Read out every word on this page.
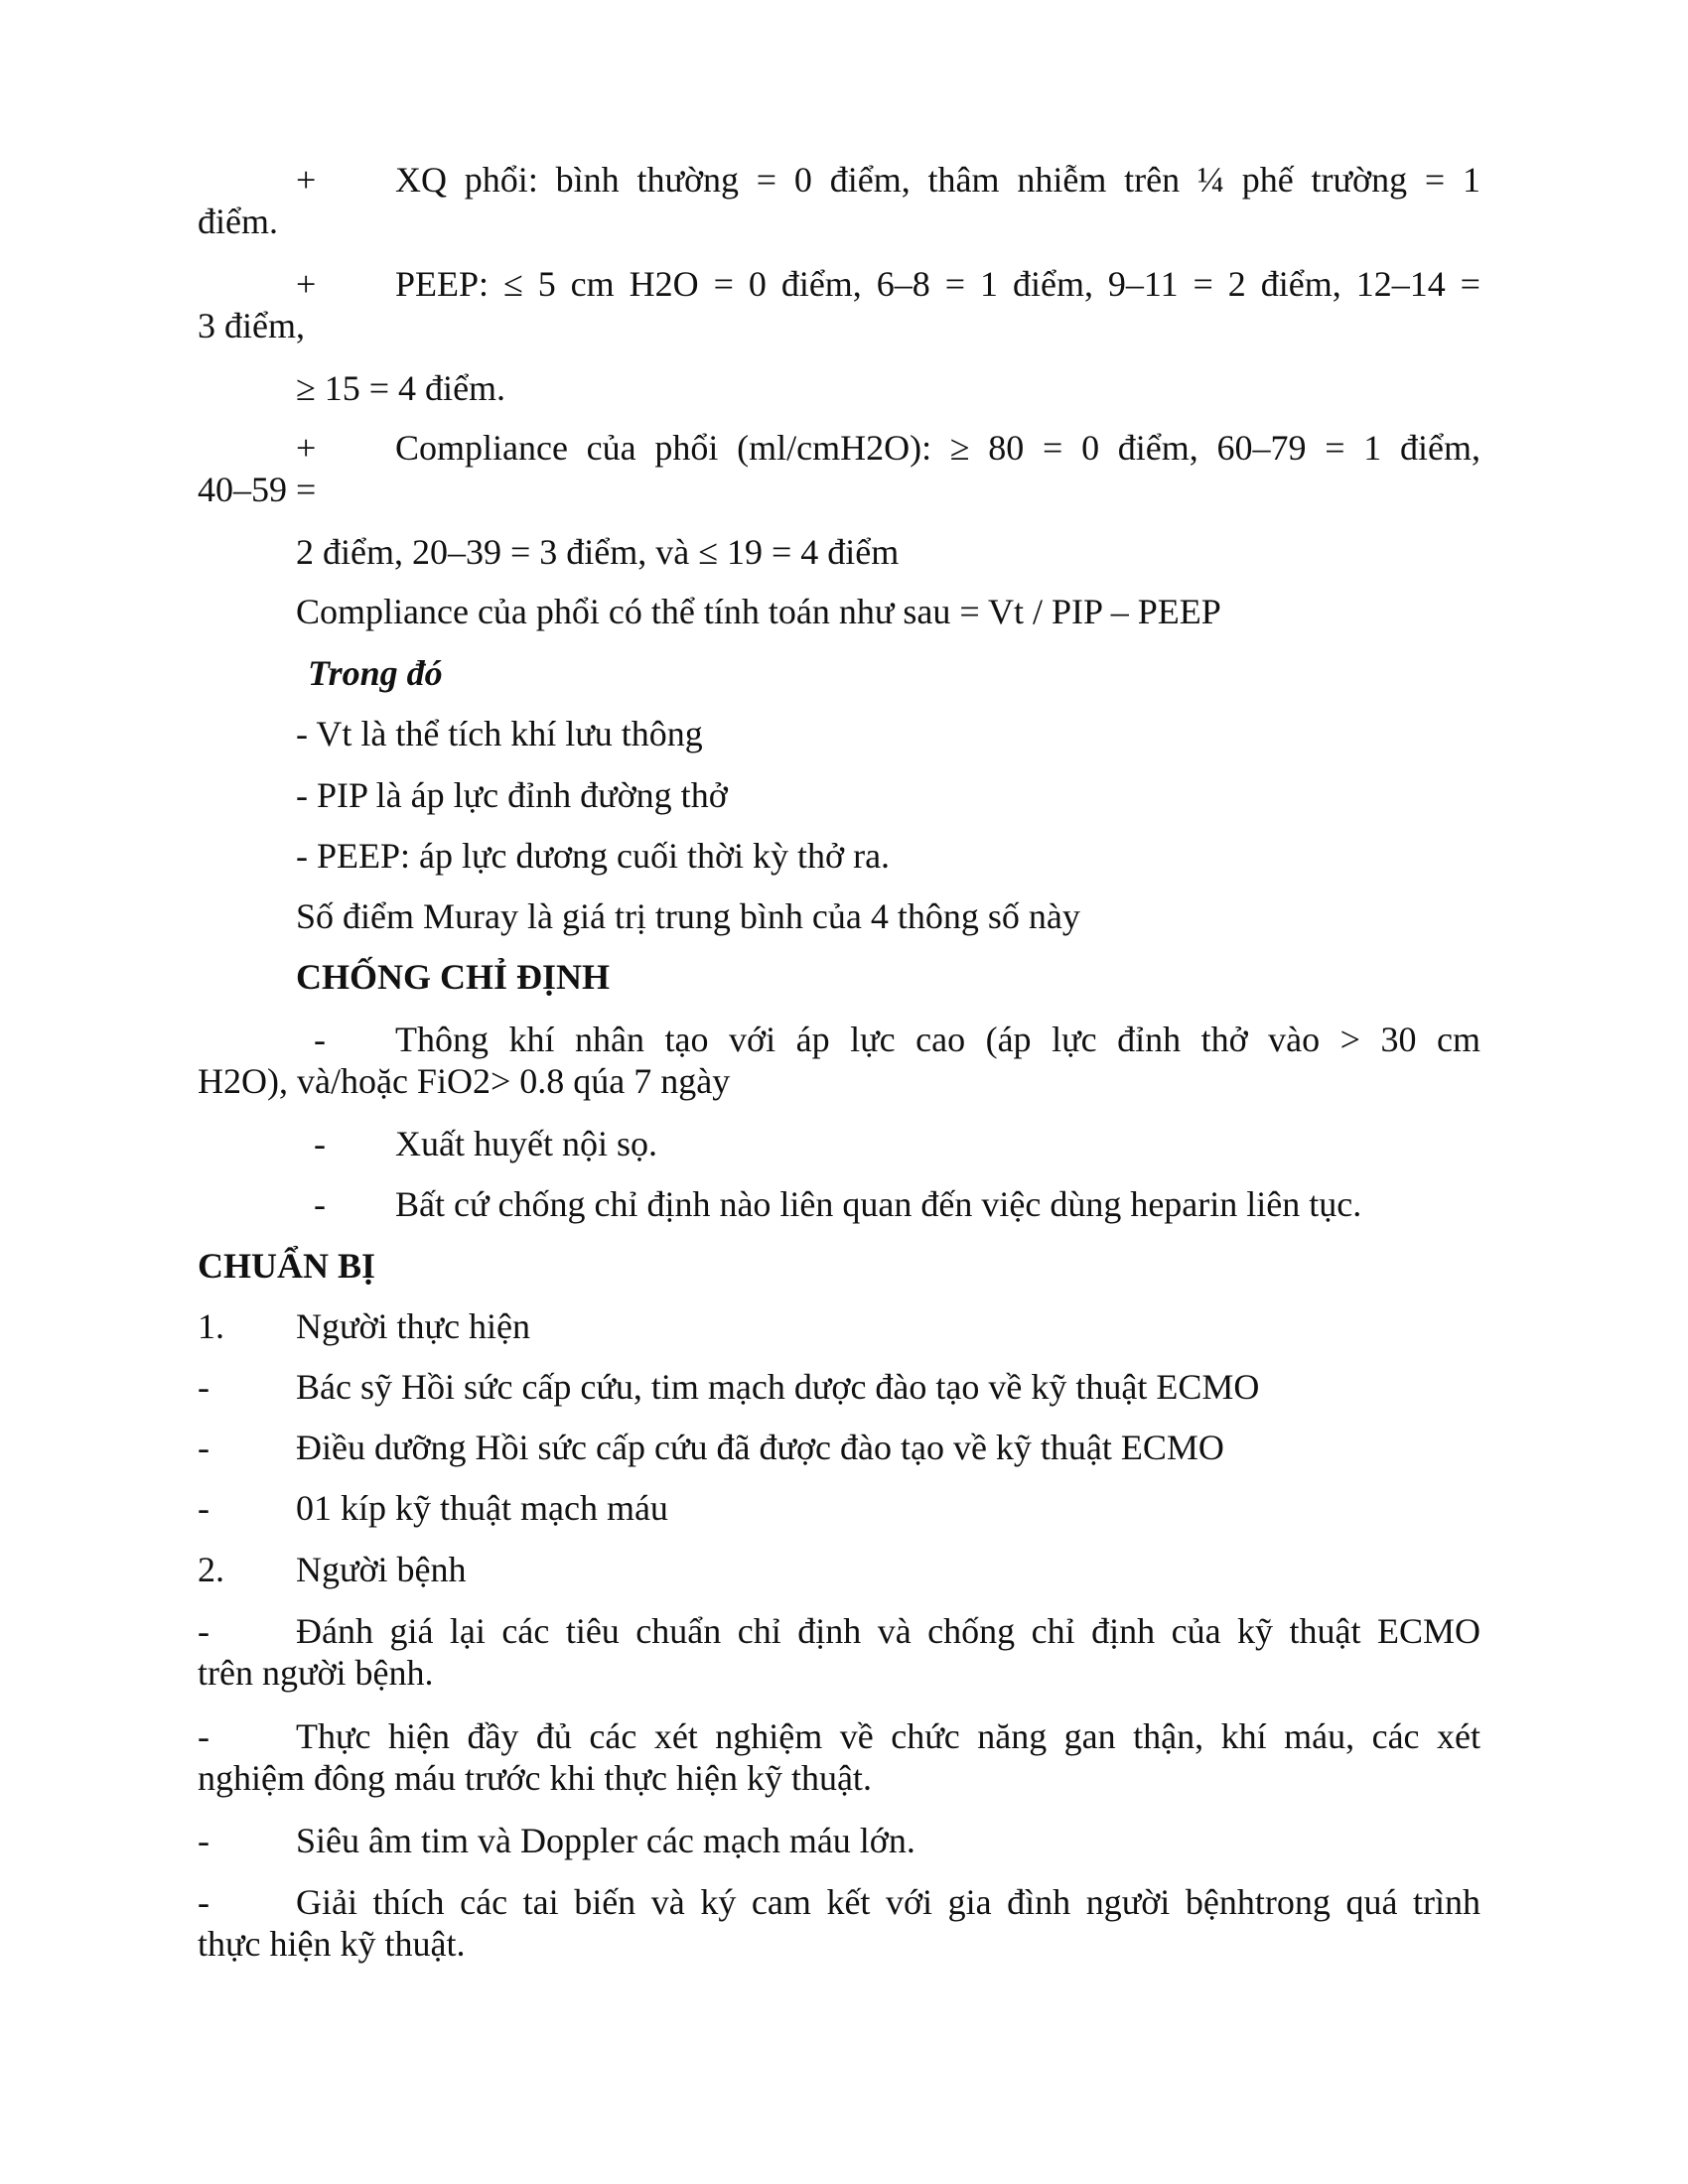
+ XQ phổi: bình thường = 0 điểm, thâm nhiễm trên ¼ phế trường = 1
điểm.
+ PEEP: ≤ 5 cm H2O = 0 điểm, 6–8 = 1 điểm, 9–11 = 2 điểm, 12–14 =
3 điểm,
≥ 15 = 4 điểm.
+ Compliance của phổi (ml/cmH2O): ≥ 80 = 0 điểm, 60–79 = 1 điểm,
40–59 =
2 điểm, 20–39 = 3 điểm, và ≤ 19 = 4 điểm
Compliance của phổi có thể tính toán như sau = Vt / PIP – PEEP
Trong đó
- Vt là thể tích khí lưu thông
- PIP là áp lực đỉnh đường thở
- PEEP: áp lực dương cuối thời kỳ thở ra.
Số điểm Muray là giá trị trung bình của 4 thông số này
CHỐNG CHỈ ĐỊNH
- Thông khí nhân tạo với áp lực cao (áp lực đỉnh thở vào > 30 cm
H2O), và/hoặc FiO2> 0.8 qúa 7 ngày
- Xuất huyết nội sọ.
- Bất cứ chống chỉ định nào liên quan đến việc dùng heparin liên tục.
CHUẨN BỊ
1. Người thực hiện
- Bác sỹ Hồi sức cấp cứu, tim mạch dược đào tạo về kỹ thuật ECMO
- Điều dưỡng Hồi sức cấp cứu đã được đào tạo về kỹ thuật ECMO
- 01 kíp kỹ thuật mạch máu
2. Người bệnh
- Đánh giá lại các tiêu chuẩn chỉ định và chống chỉ định của kỹ thuật ECMO
trên người bệnh.
- Thực hiện đầy đủ các xét nghiệm về chức năng gan thận, khí máu, các xét
nghiệm đông máu trước khi thực hiện kỹ thuật.
- Siêu âm tim và Doppler các mạch máu lớn.
- Giải thích các tai biến và ký cam kết với gia đình người bệnhtrong quá trình
thực hiện kỹ thuật.
